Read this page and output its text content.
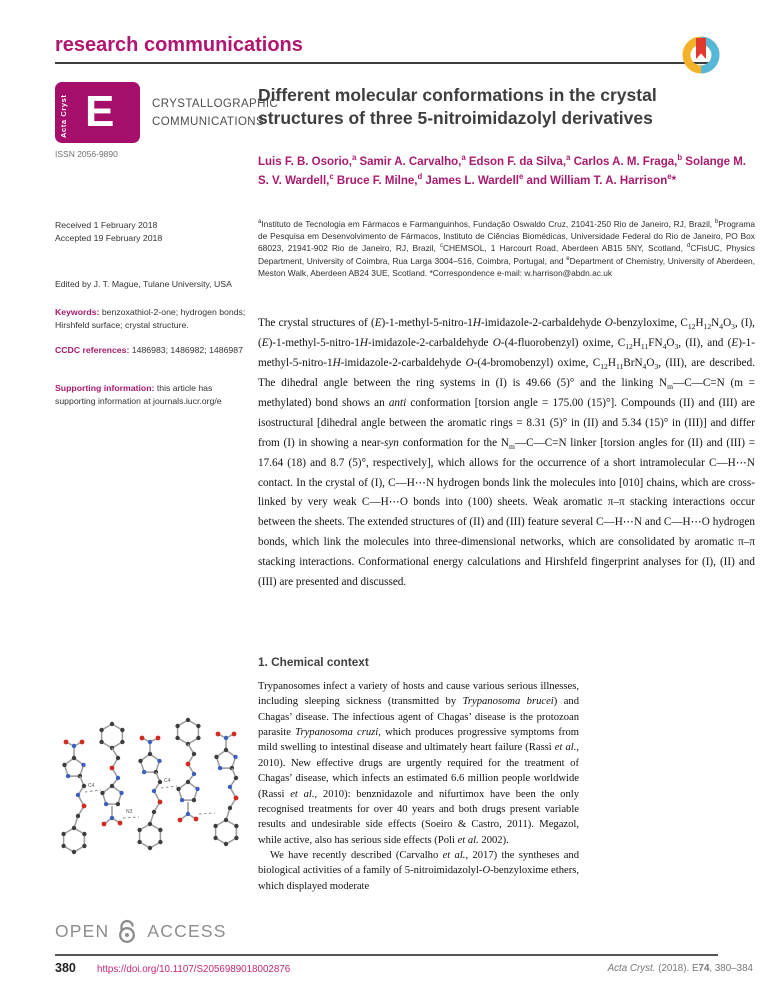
research communications
Acta Cryst E	CRYSTALLOGRAPHIC
COMMUNICATIONS
ISSN 2056-9890
Different molecular conformations in the crystal structures of three 5-nitroimidazolyl derivatives

Luis F. B. Osorio,$^a$ Samir A. Carvalho,$^a$ Edson F. da Silva,$^a$ Carlos A. M. Fraga,$^b$ Solange M. S. V. Wardell,$^c$ Bruce F. Milne,$^d$ James L. Wardell$^e$ and William T. A. Harrison$^e$*

$^a$Instituto de Tecnologia em Fármacos e Farmanguinhos, Fundação Oswaldo Cruz, 21041-250 Rio de Janeiro, RJ, Brazil, $^b$Programa de Pesquisa em Desenvolvimento de Fármacos, Instituto de Ciências Biomédicas, Universidade Federal do Rio de Janeiro, PO Box 68023, 21941-902 Rio de Janeiro, RJ, Brazil, $^c$CHEMSOL, 1 Harcourt Road, Aberdeen AB15 5NY, Scotland, $^d$CFisUC, Physics Department, University of Coimbra, Rua Larga 3004–516, Coimbra, Portugal, and $^e$Department of Chemistry, University of Aberdeen, Meston Walk, Aberdeen AB24 3UE, Scotland. *Correspondence e-mail: w.harrison@abdn.ac.uk

Received 1 February 2018
Accepted 19 February 2018
Edited by J. T. Mague, Tulane University, USA
Keywords: benzoxathiol-2-one; hydrogen bonds; Hirshfeld surface; crystal structure.
CCDC references: 1486983; 1486982; 1486987
Supporting information: this article has supporting information at journals.iucr.org/e

The crystal structures of (E)-1-methyl-5-nitro-1H-imidazole-2-carbaldehyde O-benzyloxime, $C_{12}H_{12}N_4O_3$, (I), (E)-1-methyl-5-nitro-1H-imidazole-2-carbaldehyde O-(4-fluorobenzyl) oxime, $C_{12}H_{11}FN_4O_3$, (II), and (E)-1-methyl-5-nitro-1H-imidazole-2-carbaldehyde O-(4-bromobenzyl) oxime, $C_{12}H_{11}BrN_4O_3$, (III), are described. The dihedral angle between the ring systems in (I) is 49.66 (5)° and the linking $N_m—C—C=N$ (m = methylated) bond shows an anti conformation [torsion angle = 175.00 (15)°]. Compounds (II) and (III) are isostructural [dihedral angle between the aromatic rings = 8.31 (5)° in (II) and 5.34 (15)° in (III)] and differ from (I) in showing a near-syn conformation for the $N_m—C—C=N$ linker [torsion angles for (II) and (III) = 17.64 (18) and 8.7 (5)°, respectively], which allows for the occurrence of a short intramolecular C—H⋯N contact. In the crystal of (I), C—H⋯N hydrogen bonds link the molecules into [010] chains, which are cross-linked by very weak C—H⋯O bonds into (100) sheets. Weak aromatic π–π stacking interactions occur between the sheets. The extended structures of (II) and (III) feature several C—H⋯N and C—H⋯O hydrogen bonds, which link the molecules into three-dimensional networks, which are consolidated by aromatic π–π stacking interactions. Conformational energy calculations and Hirshfeld fingerprint analyses for (I), (II) and (III) are presented and discussed.

C4
N3
C4
OPEN ACCESS
1. Chemical context

Trypanosomes infect a variety of hosts and cause various serious illnesses, including sleeping sickness (transmitted by Trypanosoma brucei) and Chagas’ disease. The infectious agent of Chagas’ disease is the protozoan parasite Trypanosoma cruzi, which produces progressive symptoms from mild swelling to intestinal disease and ultimately heart failure (Rassi et al., 2010). New effective drugs are urgently required for the treatment of Chagas’ disease, which infects an estimated 6.6 million people worldwide (Rassi et al., 2010): benznidazole and nifurtimox have been the only recognised treatments for over 40 years and both drugs present variable results and undesirable side effects (Soeiro & Castro, 2011). Megazol, while active, also has serious side effects (Poli et al. 2002).

We have recently described (Carvalho et al., 2017) the syntheses and biological activities of a family of 5-nitroimidazolyl-O-benzyloxime ethers, which displayed moderate

380 https://doi.org/10.1107/S2056989018002876	Acta Cryst. (2018). E74, 380–384
